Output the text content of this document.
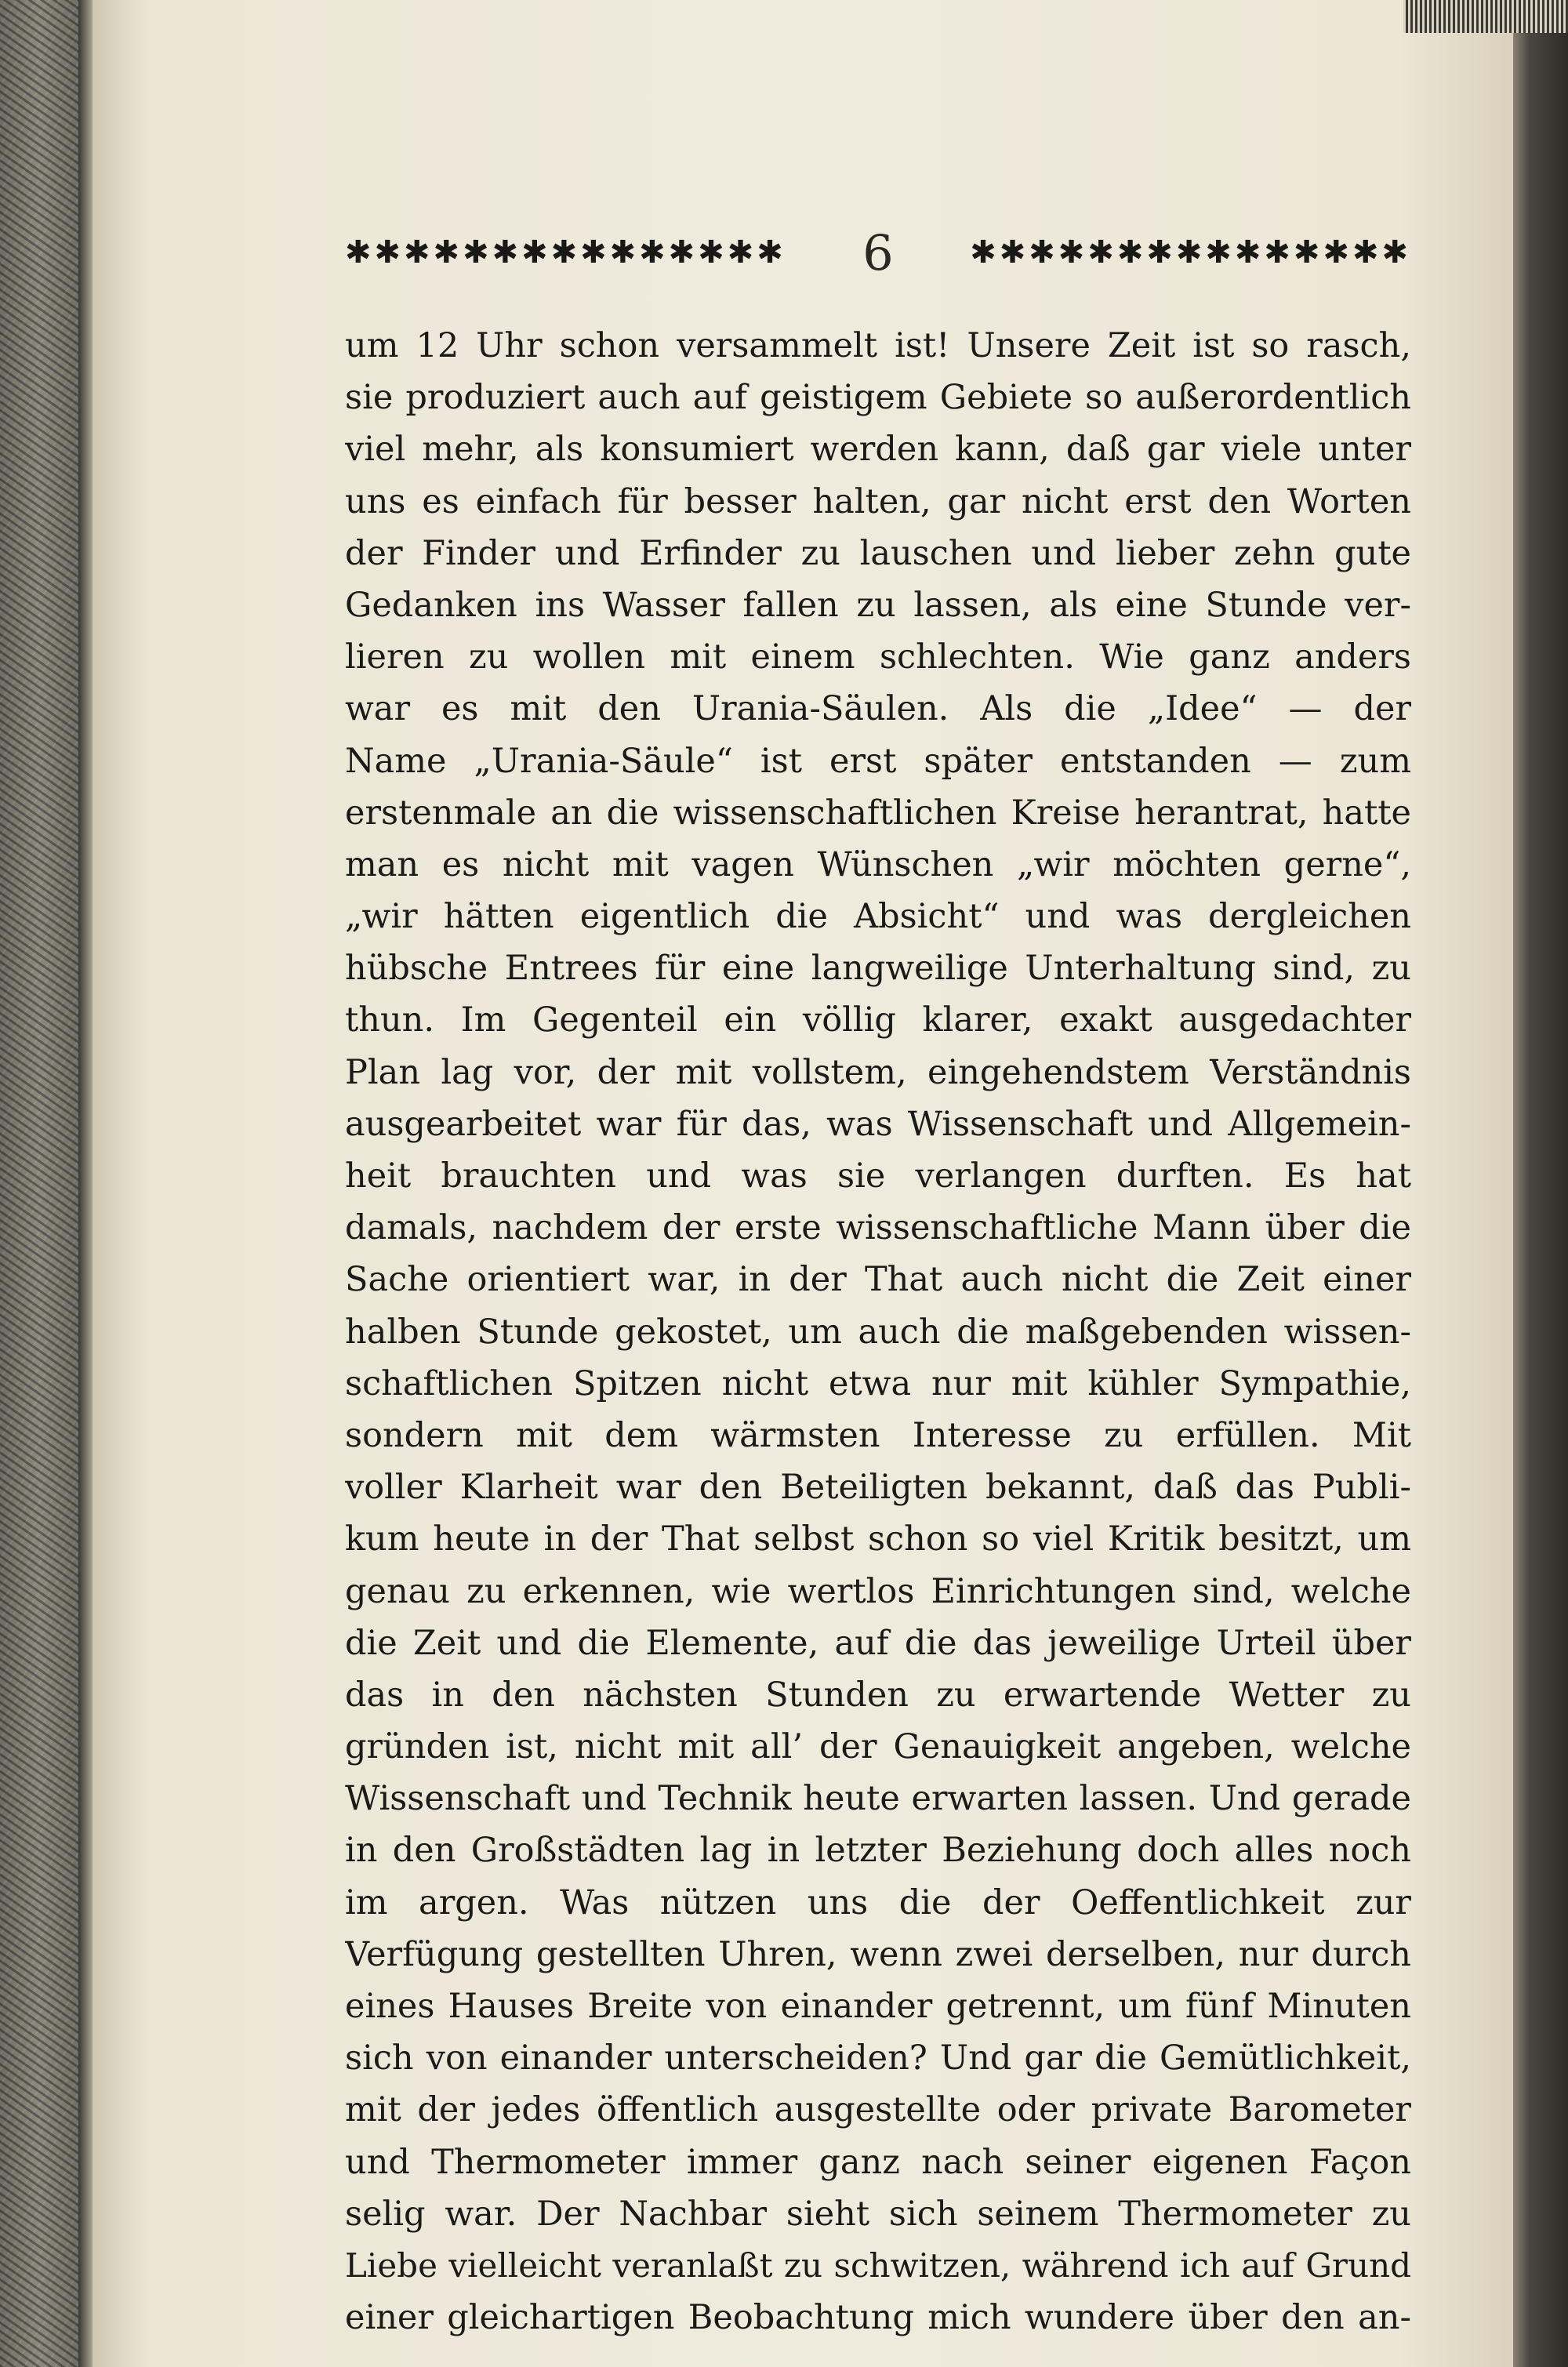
✱✱✱✱✱✱✱✱✱✱✱✱✱✱✱ 6	✱✱✱✱✱✱✱✱✱✱✱✱✱✱✱
um 12 Uhr schon versammelt ist! Unsere Zeit ist so rasch,
sie produziert auch auf geistigem Gebiete so außerordentlich
viel mehr, als konsumiert werden kann, daß gar viele unter
uns es einfach für besser halten, gar nicht erst den Worten
der Finder und Erfinder zu lauschen und lieber zehn gute
Gedanken ins Wasser fallen zu lassen, als eine Stunde ver-
lieren zu wollen mit einem schlechten. Wie ganz anders
war es mit den Urania-Säulen. Als die „Idee“ — der
Name „Urania-Säule“ ist erst später entstanden — zum
erstenmale an die wissenschaftlichen Kreise herantrat, hatte
man es nicht mit vagen Wünschen „wir möchten gerne“,
„wir hätten eigentlich die Absicht“ und was dergleichen
hübsche Entrees für eine langweilige Unterhaltung sind, zu
thun. Im Gegenteil ein völlig klarer, exakt ausgedachter
Plan lag vor, der mit vollstem, eingehendstem Verständnis
ausgearbeitet war für das, was Wissenschaft und Allgemein-
heit brauchten und was sie verlangen durften. Es hat
damals, nachdem der erste wissenschaftliche Mann über die
Sache orientiert war, in der That auch nicht die Zeit einer
halben Stunde gekostet, um auch die maßgebenden wissen-
schaftlichen Spitzen nicht etwa nur mit kühler Sympathie,
sondern mit dem wärmsten Interesse zu erfüllen. Mit
voller Klarheit war den Beteiligten bekannt, daß das Publi-
kum heute in der That selbst schon so viel Kritik besitzt, um
genau zu erkennen, wie wertlos Einrichtungen sind, welche
die Zeit und die Elemente, auf die das jeweilige Urteil über
das in den nächsten Stunden zu erwartende Wetter zu
gründen ist, nicht mit all’ der Genauigkeit angeben, welche
Wissenschaft und Technik heute erwarten lassen. Und gerade
in den Großstädten lag in letzter Beziehung doch alles noch
im argen. Was nützen uns die der Oeffentlichkeit zur
Verfügung gestellten Uhren, wenn zwei derselben, nur durch
eines Hauses Breite von einander getrennt, um fünf Minuten
sich von einander unterscheiden? Und gar die Gemütlichkeit,
mit der jedes öffentlich ausgestellte oder private Barometer
und Thermometer immer ganz nach seiner eigenen Façon
selig war. Der Nachbar sieht sich seinem Thermometer zu
Liebe vielleicht veranlaßt zu schwitzen, während ich auf Grund
einer gleichartigen Beobachtung mich wundere über den an-
